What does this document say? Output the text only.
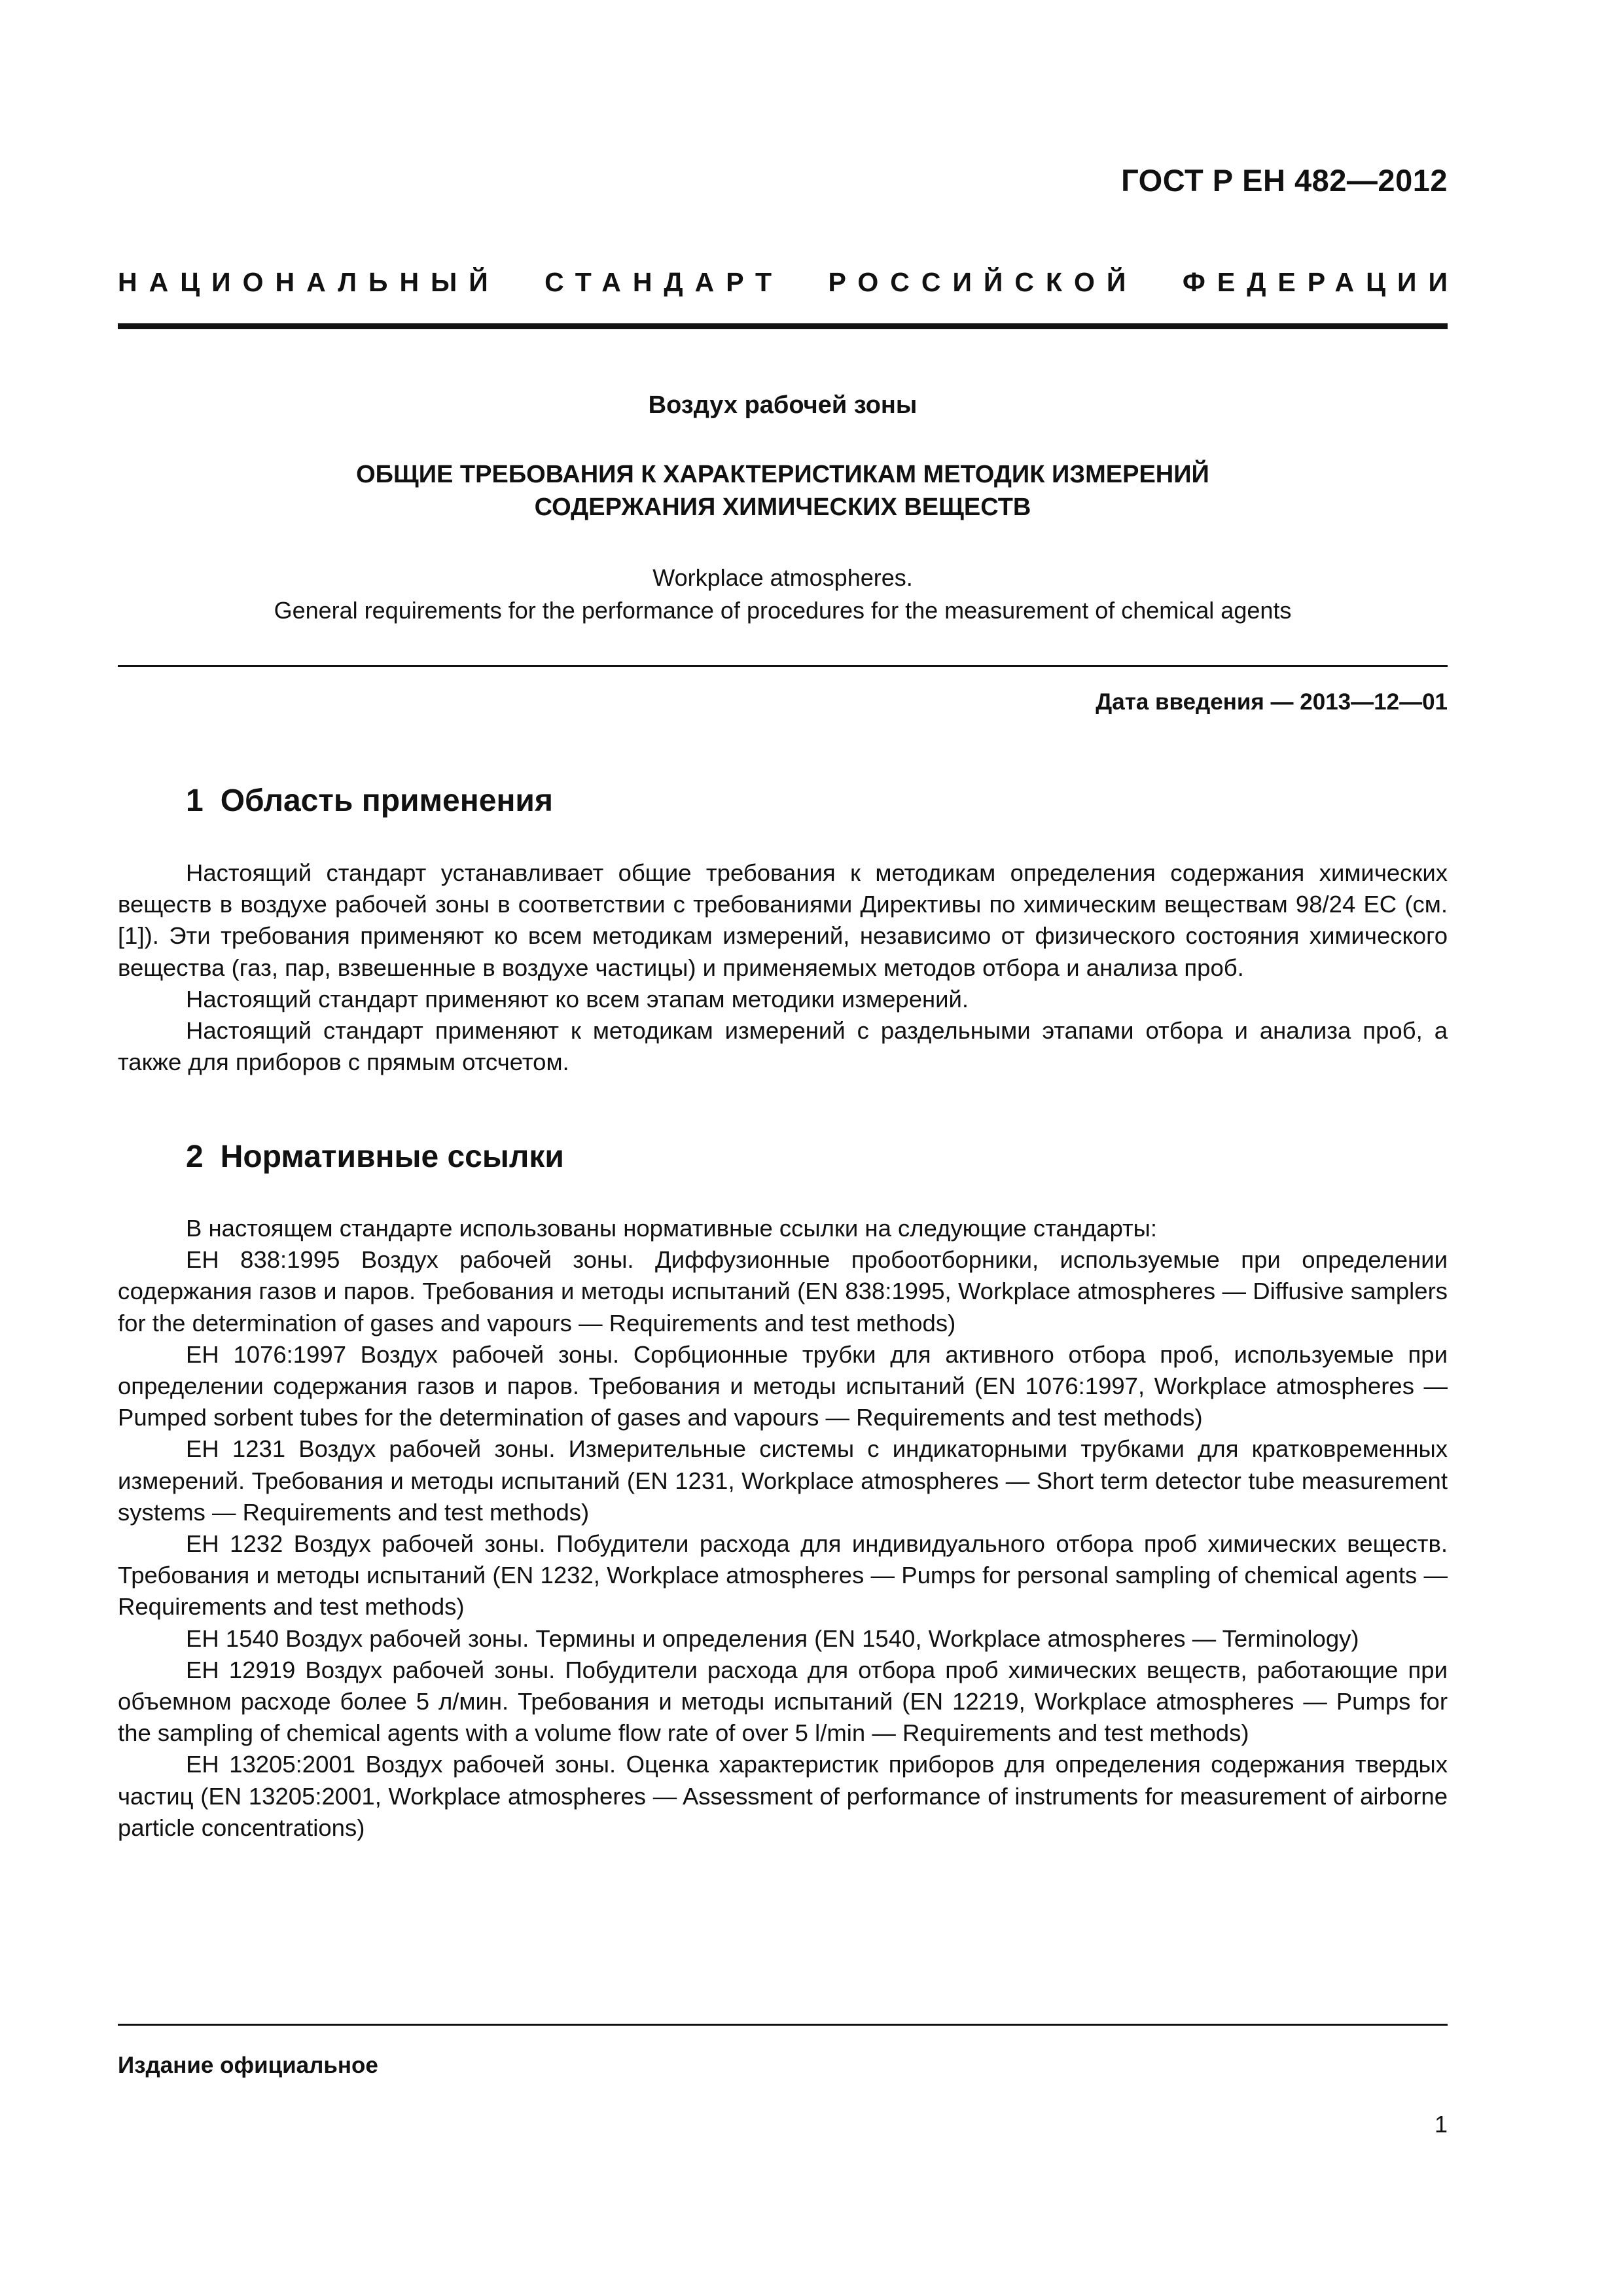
ГОСТ Р ЕН 482—2012
НАЦИОНАЛЬНЫЙ СТАНДАРТ РОССИЙСКОЙ ФЕДЕРАЦИИ
Воздух рабочей зоны
ОБЩИЕ ТРЕБОВАНИЯ К ХАРАКТЕРИСТИКАМ МЕТОДИК ИЗМЕРЕНИЙ
СОДЕРЖАНИЯ ХИМИЧЕСКИХ ВЕЩЕСТВ
Workplace atmospheres.
General requirements for the performance of procedures for the measurement of chemical agents
Дата введения — 2013—12—01
1 Область применения

Настоящий стандарт устанавливает общие требования к методикам определения содержания химических веществ в воздухе рабочей зоны в соответствии с требованиями Директивы по химическим веществам 98/24 ЕС (см. [1]). Эти требования применяют ко всем методикам измерений, независимо от физического состояния химического вещества (газ, пар, взвешенные в воздухе частицы) и применяемых методов отбора и анализа проб.

Настоящий стандарт применяют ко всем этапам методики измерений.

Настоящий стандарт применяют к методикам измерений с раздельными этапами отбора и анализа проб, а также для приборов с прямым отсчетом.

2 Нормативные ссылки

В настоящем стандарте использованы нормативные ссылки на следующие стандарты:

ЕН 838:1995 Воздух рабочей зоны. Диффузионные пробоотборники, используемые при определении содержания газов и паров. Требования и методы испытаний (EN 838:1995, Workplace atmospheres — Diffusive samplers for the determination of gases and vapours — Requirements and test methods)

ЕН 1076:1997 Воздух рабочей зоны. Сорбционные трубки для активного отбора проб, используемые при определении содержания газов и паров. Требования и методы испытаний (EN 1076:1997, Workplace atmospheres — Pumped sorbent tubes for the determination of gases and vapours — Requirements and test methods)

ЕН 1231 Воздух рабочей зоны. Измерительные системы с индикаторными трубками для кратковременных измерений. Требования и методы испытаний (EN 1231, Workplace atmospheres — Short term detector tube measurement systems — Requirements and test methods)

ЕН 1232 Воздух рабочей зоны. Побудители расхода для индивидуального отбора проб химических веществ. Требования и методы испытаний (EN 1232, Workplace atmospheres — Pumps for personal sampling of chemical agents — Requirements and test methods)

ЕН 1540 Воздух рабочей зоны. Термины и определения (EN 1540, Workplace atmospheres — Terminology)

ЕН 12919 Воздух рабочей зоны. Побудители расхода для отбора проб химических веществ, работающие при объемном расходе более 5 л/мин. Требования и методы испытаний (EN 12219, Workplace atmospheres — Pumps for the sampling of chemical agents with a volume flow rate of over 5 l/min — Requirements and test methods)

ЕН 13205:2001 Воздух рабочей зоны. Оценка характеристик приборов для определения содержания твердых частиц (EN 13205:2001, Workplace atmospheres — Assessment of performance of instruments for measurement of airborne particle concentrations)

Издание официальное
1
